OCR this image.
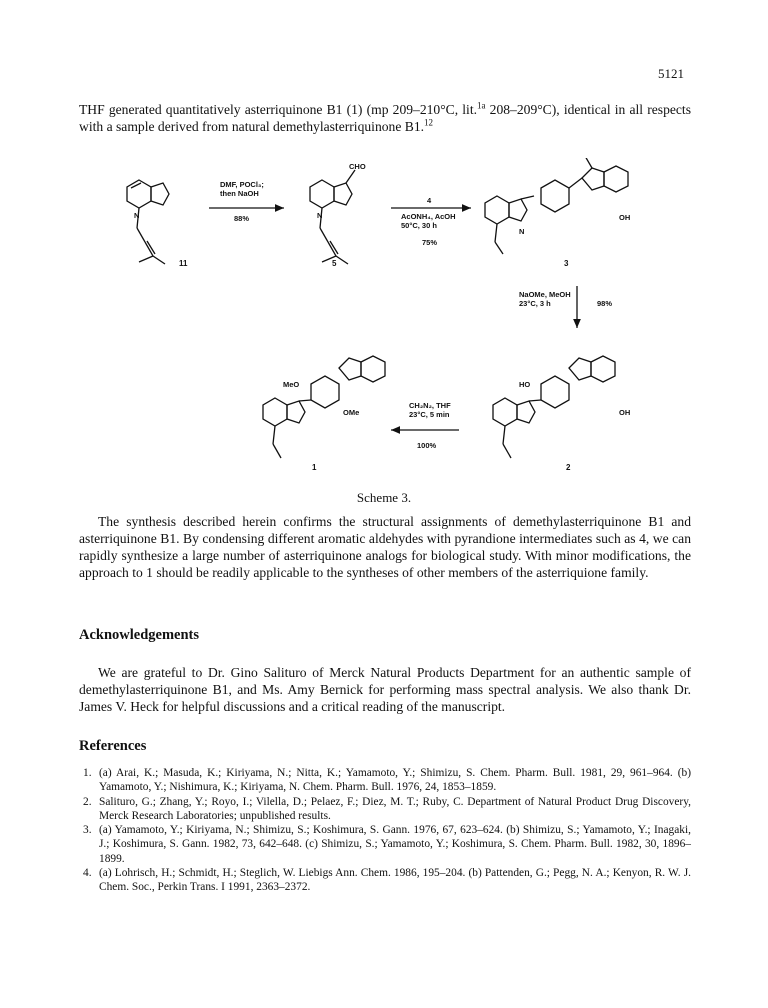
5121
THF generated quantitatively asterriquinone B1 (1) (mp 209–210°C, lit.$^{1a}$ 208–209°C), identical in all respects with a sample derived from natural demethylasterriquinone B1.12
11	5	3
1	2
DMF, POCl₃;
then NaOH
88%
4
AcONH₄, AcOH
50°C, 30 h
75%
NaOMe, MeOH
23°C, 3 h	98%
CH₂N₂, THF
23°C, 5 min
100%
N
CHO
N	OH
N
MeO
OMe
HO
OH
Scheme 3.

The synthesis described herein confirms the structural assignments of demethylasterriquinone B1 and asterriquinone B1. By condensing different aromatic aldehydes with pyrandione intermediates such as 4, we can rapidly synthesize a large number of asterriquinone analogs for biological study. With minor modifications, the approach to 1 should be readily applicable to the syntheses of other members of the asterriquione family.

Acknowledgements

We are grateful to Dr. Gino Salituro of Merck Natural Products Department for an authentic sample of demethylasterriquinone B1, and Ms. Amy Bernick for performing mass spectral analysis. We also thank Dr. James V. Heck for helpful discussions and a critical reading of the manuscript.

References
1. (a) Arai, K.; Masuda, K.; Kiriyama, N.; Nitta, K.; Yamamoto, Y.; Shimizu, S. Chem. Pharm. Bull. 1981, 29, 961–964. (b) Yamamoto, Y.; Nishimura, K.; Kiriyama, N. Chem. Pharm. Bull. 1976, 24, 1853–1859.
2. Salituro, G.; Zhang, Y.; Royo, I.; Vilella, D.; Pelaez, F.; Diez, M. T.; Ruby, C. Department of Natural Product Drug Discovery, Merck Research Laboratories; unpublished results.
3. (a) Yamamoto, Y.; Kiriyama, N.; Shimizu, S.; Koshimura, S. Gann. 1976, 67, 623–624. (b) Shimizu, S.; Yamamoto, Y.; Inagaki, J.; Koshimura, S. Gann. 1982, 73, 642–648. (c) Shimizu, S.; Yamamoto, Y.; Koshimura, S. Chem. Pharm. Bull. 1982, 30, 1896–1899.
4. (a) Lohrisch, H.; Schmidt, H.; Steglich, W. Liebigs Ann. Chem. 1986, 195–204. (b) Pattenden, G.; Pegg, N. A.; Kenyon, R. W. J. Chem. Soc., Perkin Trans. I 1991, 2363–2372.
